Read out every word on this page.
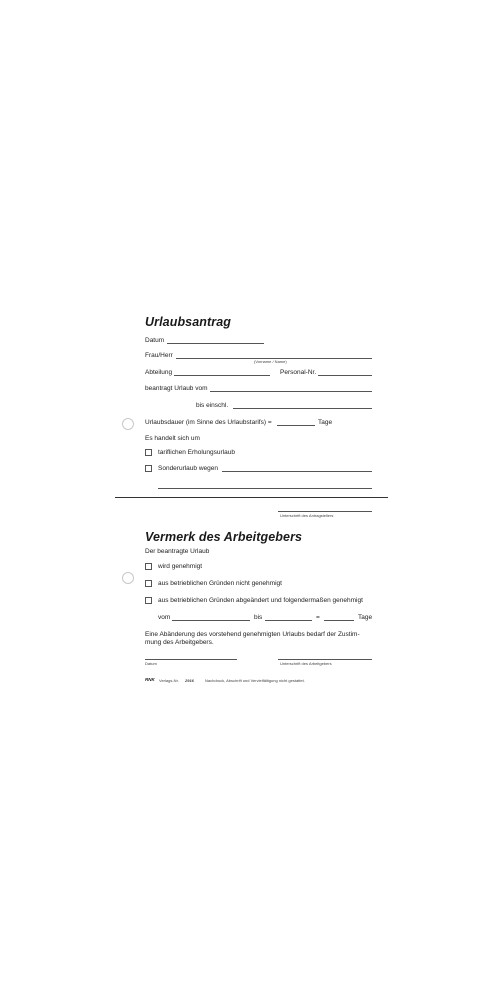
Urlaubsantrag
Datum
Frau/Herr
(Vorname / Name)
Abteilung	Personal-Nr.
beantragt Urlaub vom
bis einschl.
Urlaubsdauer (im Sinne des Urlaubstarifs) =	Tage
Es handelt sich um
tariflichen Erholungsurlaub
Sonderurlaub wegen
Unterschrift des Antragstellers
Vermerk des Arbeitgebers
Der beantragte Urlaub
wird genehmigt
aus betrieblichen Gründen nicht genehmigt
aus betrieblichen Gründen abgeändert und folgendermaßen genehmigt
vom	bis	=	Tage
Eine Abänderung des vorstehend genehmigten Urlaubs bedarf der Zustim-
mung des Arbeitgebers.
Datum	Unterschrift des Arbeitgebers
RNK Verlags-Nr. 2916	Nachdruck, Abschrift und Vervielfältigung nicht gestattet.
